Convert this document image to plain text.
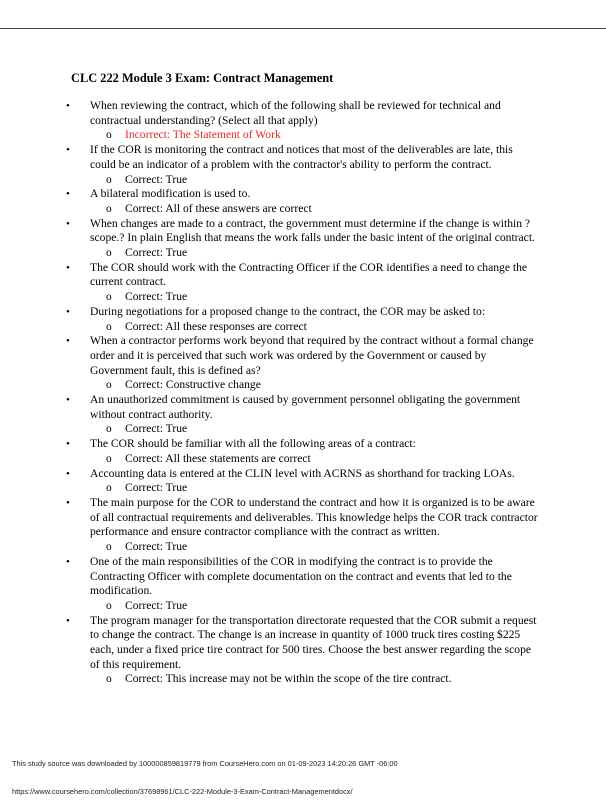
CLC 222 Module 3 Exam: Contract Management
•	When reviewing the contract, which of the following shall be reviewed for technical and contractual understanding? (Select all that apply)
o Incorrect: The Statement of Work
•	If the COR is monitoring the contract and notices that most of the deliverables are late, this could be an indicator of a problem with the contractor's ability to perform the contract.
o Correct: True
•	A bilateral modification is used to.
o Correct: All of these answers are correct
•	When changes are made to a contract, the government must determine if the change is within ?scope.? In plain English that means the work falls under the basic intent of the original contract.
o Correct: True
•	The COR should work with the Contracting Officer if the COR identifies a need to change the current contract.
o Correct: True
•	During negotiations for a proposed change to the contract, the COR may be asked to:
o Correct: All these responses are correct
•	When a contractor performs work beyond that required by the contract without a formal change order and it is perceived that such work was ordered by the Government or caused by Government fault, this is defined as?
o Correct: Constructive change
•	An unauthorized commitment is caused by government personnel obligating the government without contract authority.
o Correct: True
•	The COR should be familiar with all the following areas of a contract:
o Correct: All these statements are correct
•	Accounting data is entered at the CLIN level with ACRNS as shorthand for tracking LOAs.
o Correct: True
•	The main purpose for the COR to understand the contract and how it is organized is to be aware of all contractual requirements and deliverables. This knowledge helps the COR track contractor performance and ensure contractor compliance with the contract as written.
o Correct: True
•	One of the main responsibilities of the COR in modifying the contract is to provide the Contracting Officer with complete documentation on the contract and events that led to the modification.
o Correct: True
•	The program manager for the transportation directorate requested that the COR submit a request to change the contract. The change is an increase in quantity of 1000 truck tires costing $225 each, under a fixed price tire contract for 500 tires. Choose the best answer regarding the scope of this requirement.
o Correct: This increase may not be within the scope of the tire contract.
This study source was downloaded by 100000859819779 from CourseHero.com on 01-09-2023 14:20:26 GMT -06:00
https://www.coursehero.com/collection/37698961/CLC-222-Module-3-Exam-Contract-Managementdocx/
